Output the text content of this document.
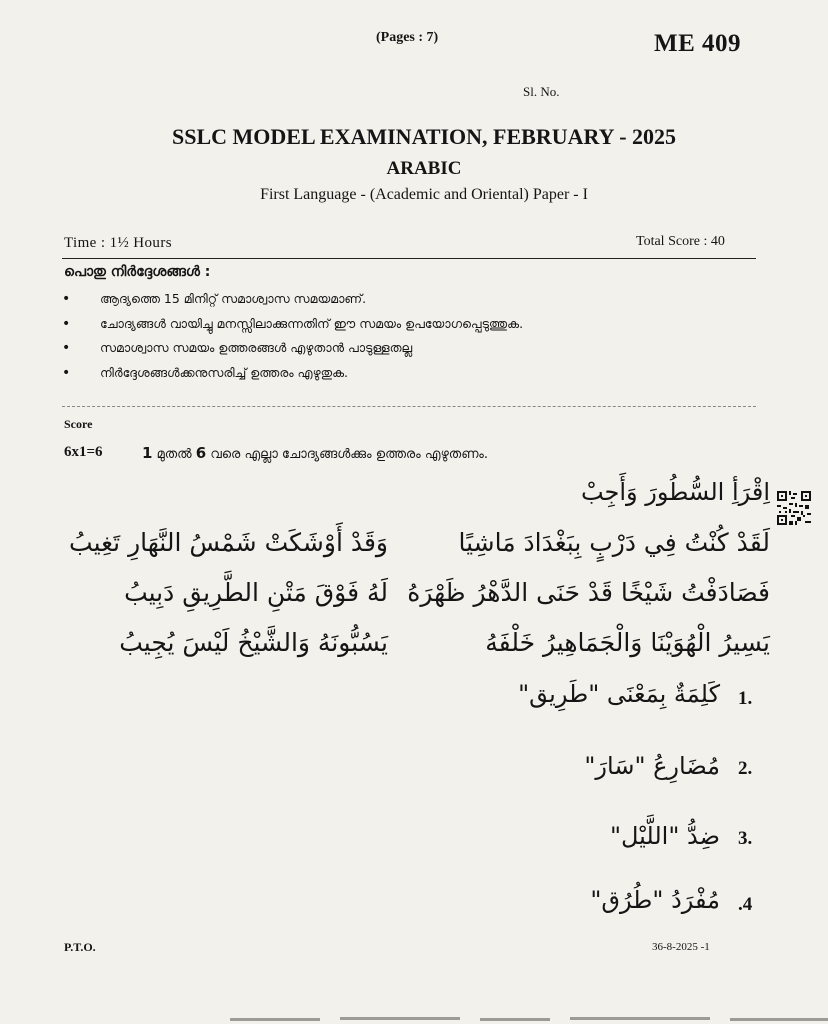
(Pages : 7)	ME 409
Sl. No.
SSLC MODEL EXAMINATION, FEBRUARY - 2025
ARABIC
First Language - (Academic and Oriental) Paper - I
Time : 1½ Hours	Total Score : 40
പൊതു നിർദ്ദേശങ്ങൾ :
• ആദ്യത്തെ 15 മിനിറ്റ് സമാശ്വാസ സമയമാണ്.
• ചോദ്യങ്ങൾ വായിച്ചു മനസ്സിലാക്കുന്നതിന് ഈ സമയം ഉപയോഗപ്പെടുത്തുക.
• സമാശ്വാസ സമയം ഉത്തരങ്ങൾ എഴുതാൻ പാടുള്ളതല്ല
• നിർദ്ദേശങ്ങൾക്കനുസരിച്ച് ഉത്തരം എഴുതുക.
Score
6x1=6	1 മുതൽ 6 വരെ എല്ലാ ചോദ്യങ്ങൾക്കും ഉത്തരം എഴുതണം.
اِقْرَأِ السُّطُورَ وَأَجِبْ
لَقَدْ كُنْتُ فِي دَرْبٍ بِبَغْدَادَ مَاشِيًا
وَقَدْ أَوْشَكَتْ شَمْسُ النَّهَارِ تَغِيبُ
فَصَادَفْتُ شَيْخًا قَدْ حَنَى الدَّهْرُ ظَهْرَهُ
لَهُ فَوْقَ مَتْنِ الطَّرِيقِ دَبِيبُ
يَسِيرُ الْهُوَيْنَا وَالْجَمَاهِيرُ خَلْفَهُ
يَسُبُّونَهُ وَالشَّيْخُ لَيْسَ يُجِيبُ
1.
كَلِمَةٌ بِمَعْنَى "طَرِيق"
2.
مُضَارِعُ "سَارَ"
3.
ضِدُّ "اللَّيْل"
.4
مُفْرَدُ "طُرُق"
P.T.O.	36-8-2025 -1
